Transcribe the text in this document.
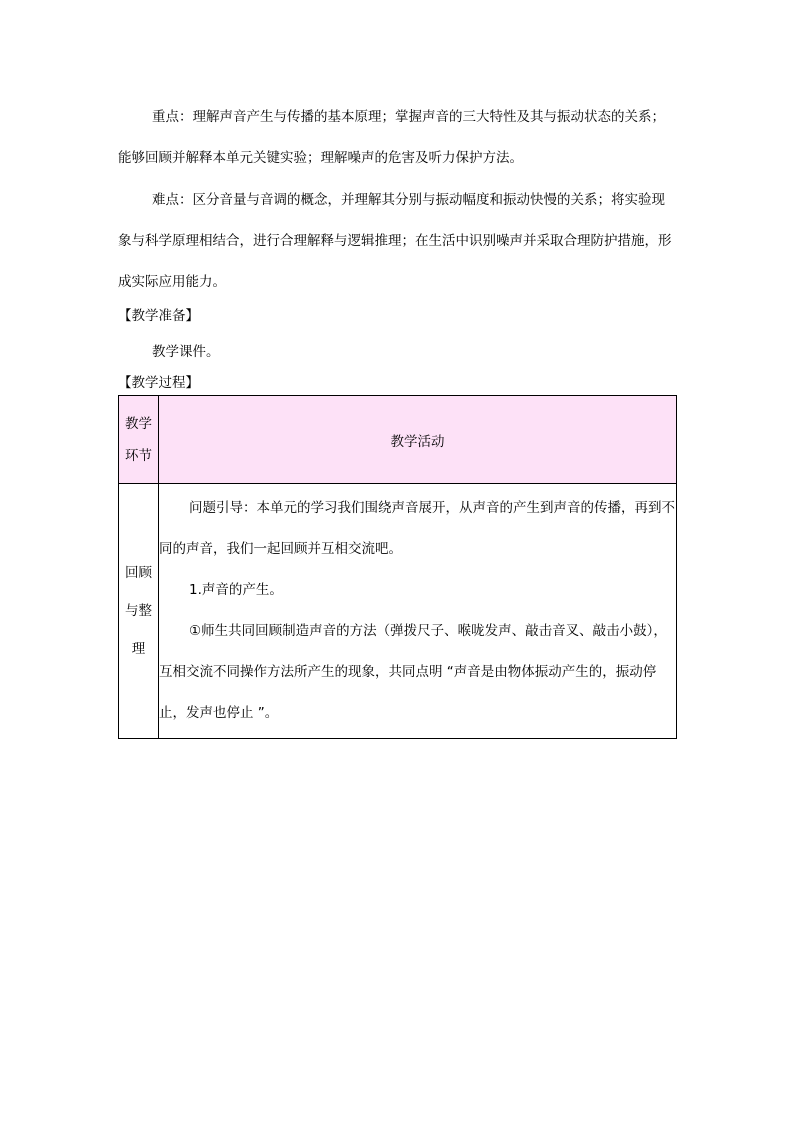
重点：理解声音产生与传播的基本原理；掌握声音的三大特性及其与振动状态的关系；能够回顾并解释本单元关键实验；理解噪声的危害及听力保护方法。

难点：区分音量与音调的概念，并理解其分别与振动幅度和振动快慢的关系；将实验现象与科学原理相结合，进行合理解释与逻辑推理；在生活中识别噪声并采取合理防护措施，形成实际应用能力。

【教学准备】

教学课件。

【教学过程】

教学环节	教学活动
回顾与整理	问题引导：本单元的学习我们围绕声音展开，从声音的产生到声音的传播，再到不同的声音，我们一起回顾并互相交流吧。

1.声音的产生。

①师生共同回顾制造声音的方法（弹拨尺子、喉咙发声、敲击音叉、敲击小鼓），互相交流不同操作方法所产生的现象，共同点明 “声音是由物体振动产生的，振动停止，发声也停止 ”。
